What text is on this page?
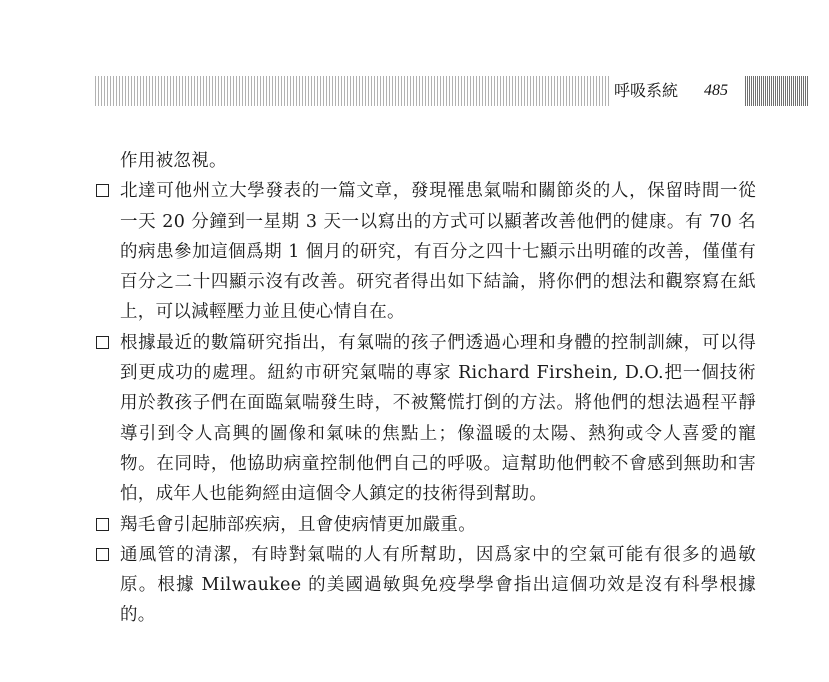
呼吸系統 485

作用被忽視。

北達可他州立大學發表的一篇文章，發現罹患氣喘和關節炎的人，保留時間一從一天 20 分鐘到一星期 3 天一以寫出的方式可以顯著改善他們的健康。有 70 名的病患參加這個爲期 1 個月的研究，有百分之四十七顯示出明確的改善，僅僅有百分之二十四顯示沒有改善。研究者得出如下結論，將你們的想法和觀察寫在紙上，可以減輕壓力並且使心情自在。

根據最近的數篇研究指出，有氣喘的孩子們透過心理和身體的控制訓練，可以得到更成功的處理。紐約市研究氣喘的專家 Richard Firshein, D.O.把一個技術用於教孩子們在面臨氣喘發生時，不被驚慌打倒的方法。將他們的想法過程平靜導引到令人高興的圖像和氣味的焦點上；像溫暖的太陽、熱狗或令人喜愛的寵物。在同時，他協助病童控制他們自己的呼吸。這幫助他們較不會感到無助和害怕，成年人也能夠經由這個令人鎮定的技術得到幫助。

羯毛會引起肺部疾病，且會使病情更加嚴重。

通風管的清潔，有時對氣喘的人有所幫助，因爲家中的空氣可能有很多的過敏原。根據 Milwaukee 的美國過敏與免疫學學會指出這個功效是沒有科學根據的。
